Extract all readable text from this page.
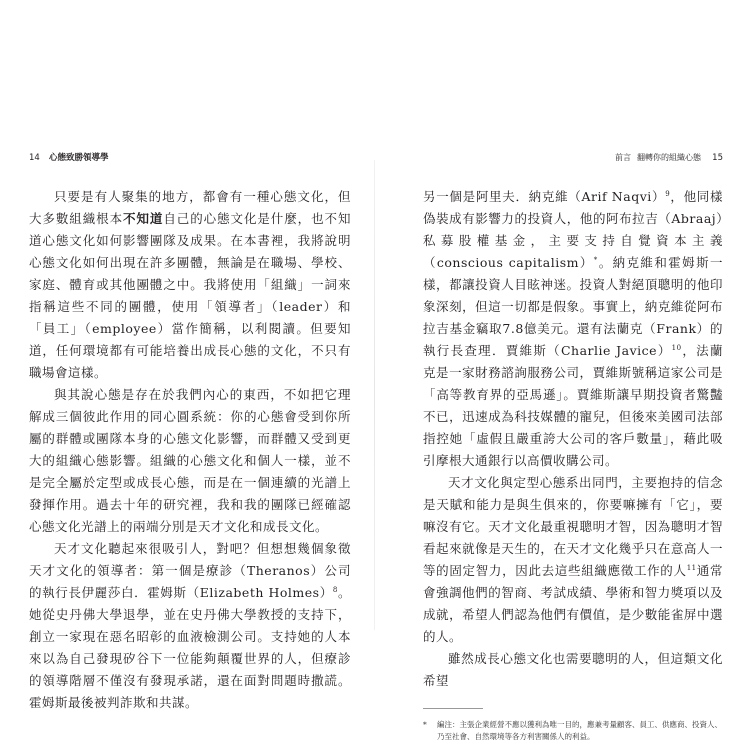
14 心態致勝領導學

只要是有人聚集的地方，都會有一種心態文化，但大多數組織根本不知道自己的心態文化是什麼，也不知道心態文化如何影響團隊及成果。在本書裡，我將說明心態文化如何出現在許多團體，無論是在職場、學校、家庭、體育或其他團體之中。我將使用「組織」一詞來指稱這些不同的團體，使用「領導者」（leader）和「員工」（employee）當作簡稱，以利閱讀。但要知道，任何環境都有可能培養出成長心態的文化，不只有職場會這樣。

與其說心態是存在於我們內心的東西，不如把它理解成三個彼此作用的同心圓系統：你的心態會受到你所屬的群體或團隊本身的心態文化影響，而群體又受到更大的組織心態影響。組織的心態文化和個人一樣，並不是完全屬於定型或成長心態，而是在一個連續的光譜上發揮作用。過去十年的研究裡，我和我的團隊已經確認心態文化光譜上的兩端分別是天才文化和成長文化。

天才文化聽起來很吸引人，對吧？但想想幾個象徵天才文化的領導者：第一個是療診（Theranos）公司的執行長伊麗莎白．霍姆斯（Elizabeth Holmes）$^8$。她從史丹佛大學退學，並在史丹佛大學教授的支持下，創立一家現在惡名昭彰的血液檢測公司。支持她的人本來以為自己發現矽谷下一位能夠顛覆世界的人，但療診的領導階層不僅沒有發現承諾，還在面對問題時撒謊。霍姆斯最後被判詐欺和共謀。

前言 翻轉你的組織心態 15

另一個是阿里夫．納克維（Arif Naqvi）$^9$，他同樣偽裝成有影響力的投資人，他的阿布拉吉（Abraaj）私募股權基金，主要支持自覺資本主義（conscious capitalism）*。納克維和霍姆斯一樣，都讓投資人目眩神迷。投資人對絕頂聰明的他印象深刻，但這一切都是假象。事實上，納克維從阿布拉吉基金竊取7.8億美元。還有法蘭克（Frank）的執行長查理．賈維斯（Charlie Javice）$^{10}$，法蘭克是一家財務諮詢服務公司，賈維斯號稱這家公司是「高等教育界的亞馬遜」。賈維斯讓早期投資者驚豔不已，迅速成為科技媒體的寵兒，但後來美國司法部指控她「虛假且嚴重誇大公司的客戶數量」，藉此吸引摩根大通銀行以高價收購公司。

天才文化與定型心態系出同門，主要抱持的信念是天賦和能力是與生俱來的，你要嘛擁有「它」，要嘛沒有它。天才文化最重視聰明才智，因為聰明才智看起來就像是天生的，在天才文化幾乎只在意高人一等的固定智力，因此去這些組織應徵工作的人$^{11}$通常會強調他們的智商、考試成績、學術和智力獎項以及成就，希望人們認為他們有價值，是少數能雀屏中選的人。

雖然成長心態文化也需要聰明的人，但這類文化希望

*	編注：主張企業經營不應以獲利為唯一目的，應兼考量顧客、員工、供應商、投資人、乃至社會、自然環境等各方利害關係人的利益。
